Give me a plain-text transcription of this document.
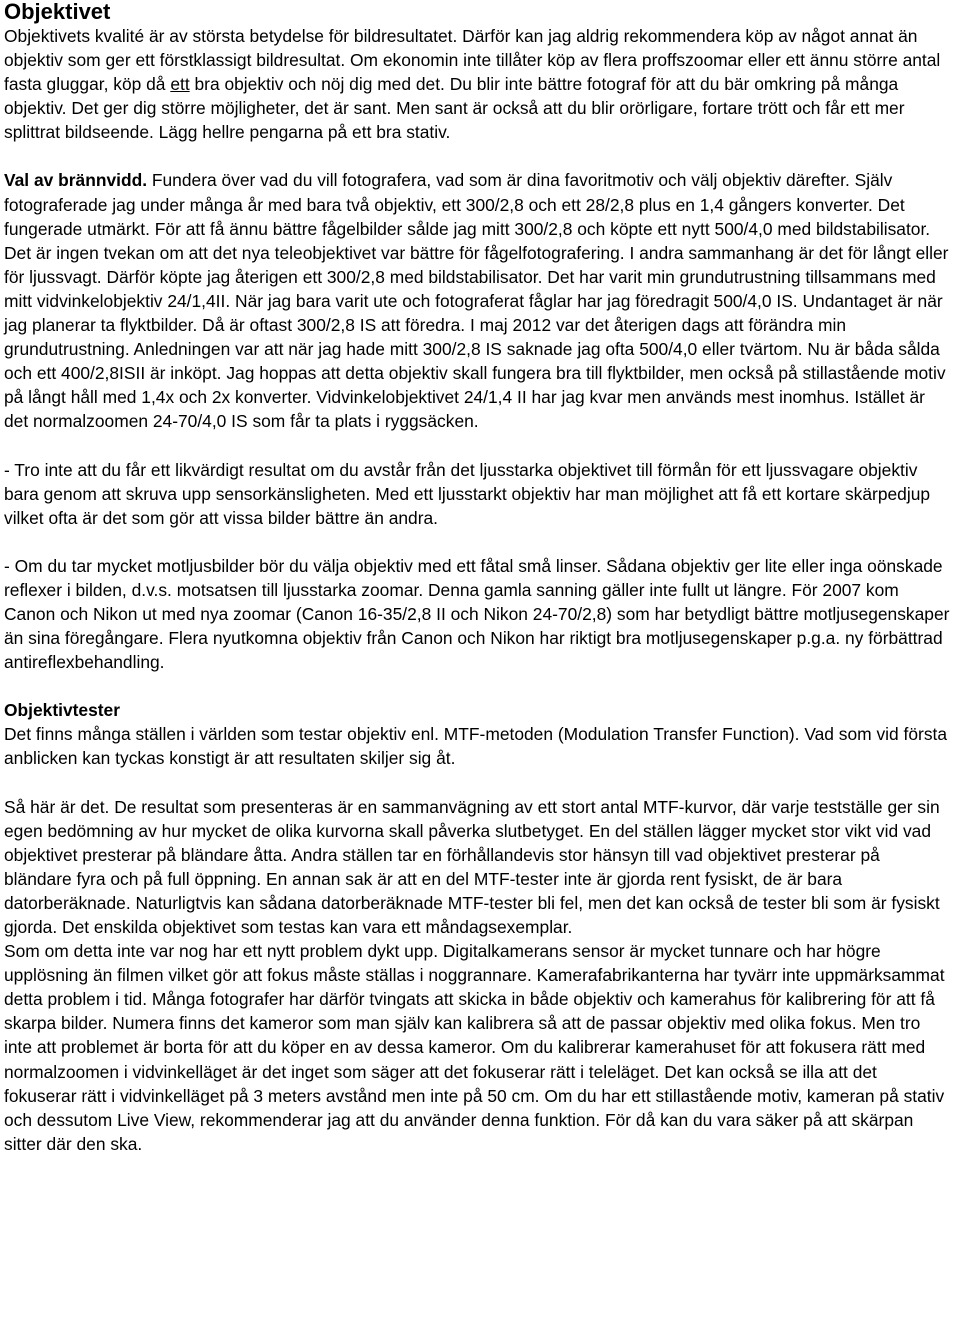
Objektivet

Objektivets kvalité är av största betydelse för bildresultatet. Därför kan jag aldrig rekommendera köp av något annat än objektiv som ger ett förstklassigt bildresultat. Om ekonomin inte tillåter köp av flera proffszoomar eller ett ännu större antal fasta gluggar, köp då ett bra objektiv och nöj dig med det. Du blir inte bättre fotograf för att du bär omkring på många objektiv. Det ger dig större möjligheter, det är sant. Men sant är också att du blir orörligare, fortare trött och får ett mer splittrat bildseende. Lägg hellre pengarna på ett bra stativ.

Val av brännvidd. Fundera över vad du vill fotografera, vad som är dina favoritmotiv och välj objektiv därefter. Själv fotograferade jag under många år med bara två objektiv, ett 300/2,8 och ett 28/2,8 plus en 1,4 gångers konverter. Det fungerade utmärkt. För att få ännu bättre fågelbilder sålde jag mitt 300/2,8 och köpte ett nytt 500/4,0 med bildstabilisator. Det är ingen tvekan om att det nya teleobjektivet var bättre för fågelfotografering. I andra sammanhang är det för långt eller för ljussvagt. Därför köpte jag återigen ett 300/2,8 med bildstabilisator. Det har varit min grundutrustning tillsammans med mitt vidvinkelobjektiv 24/1,4II. När jag bara varit ute och fotograferat fåglar har jag föredragit 500/4,0 IS. Undantaget är när jag planerar ta flyktbilder. Då är oftast 300/2,8 IS att föredra. I maj 2012 var det återigen dags att förändra min grundutrustning. Anledningen var att när jag hade mitt 300/2,8 IS saknade jag ofta 500/4,0 eller tvärtom. Nu är båda sålda och ett 400/2,8ISII är inköpt. Jag hoppas att detta objektiv skall fungera bra till flyktbilder, men också på stillastående motiv på långt håll med 1,4x och 2x konverter. Vidvinkelobjektivet 24/1,4 II har jag kvar men används mest inomhus. Istället är det normalzoomen 24-70/4,0 IS som får ta plats i ryggsäcken.

- Tro inte att du får ett likvärdigt resultat om du avstår från det ljusstarka objektivet till förmån för ett ljussvagare objektiv bara genom att skruva upp sensorkänsligheten. Med ett ljusstarkt objektiv har man möjlighet att få ett kortare skärpedjup vilket ofta är det som gör att vissa bilder bättre än andra.

- Om du tar mycket motljusbilder bör du välja objektiv med ett fåtal små linser. Sådana objektiv ger lite eller inga oönskade reflexer i bilden, d.v.s. motsatsen till ljusstarka zoomar. Denna gamla sanning gäller inte fullt ut längre. För 2007 kom Canon och Nikon ut med nya zoomar (Canon 16-35/2,8 II och Nikon 24-70/2,8) som har betydligt bättre motljusegenskaper än sina föregångare. Flera nyutkomna objektiv från Canon och Nikon har riktigt bra motljusegenskaper p.g.a. ny förbättrad antireflexbehandling.

Objektivtester

Det finns många ställen i världen som testar objektiv enl. MTF-metoden (Modulation Transfer Function). Vad som vid första anblicken kan tyckas konstigt är att resultaten skiljer sig åt.

Så här är det. De resultat som presenteras är en sammanvägning av ett stort antal MTF-kurvor, där varje testställe ger sin egen bedömning av hur mycket de olika kurvorna skall påverka slutbetyget. En del ställen lägger mycket stor vikt vid vad objektivet presterar på bländare åtta. Andra ställen tar en förhållandevis stor hänsyn till vad objektivet presterar på bländare fyra och på full öppning. En annan sak är att en del MTF-tester inte är gjorda rent fysiskt, de är bara datorberäknade. Naturligtvis kan sådana datorberäknade MTF-tester bli fel, men det kan också de tester bli som är fysiskt gjorda. Det enskilda objektivet som testas kan vara ett måndagsexemplar.

Som om detta inte var nog har ett nytt problem dykt upp. Digitalkamerans sensor är mycket tunnare och har högre upplösning än filmen vilket gör att fokus måste ställas i noggrannare. Kamerafabrikanterna har tyvärr inte uppmärksammat detta problem i tid. Många fotografer har därför tvingats att skicka in både objektiv och kamerahus för kalibrering för att få skarpa bilder. Numera finns det kameror som man själv kan kalibrera så att de passar objektiv med olika fokus. Men tro inte att problemet är borta för att du köper en av dessa kameror. Om du kalibrerar kamerahuset för att fokusera rätt med normalzoomen i vidvinkelläget är det inget som säger att det fokuserar rätt i teleläget. Det kan också se illa att det fokuserar rätt i vidvinkelläget på 3 meters avstånd men inte på 50 cm. Om du har ett stillastående motiv, kameran på stativ och dessutom Live View, rekommenderar jag att du använder denna funktion. För då kan du vara säker på att skärpan sitter där den ska.
